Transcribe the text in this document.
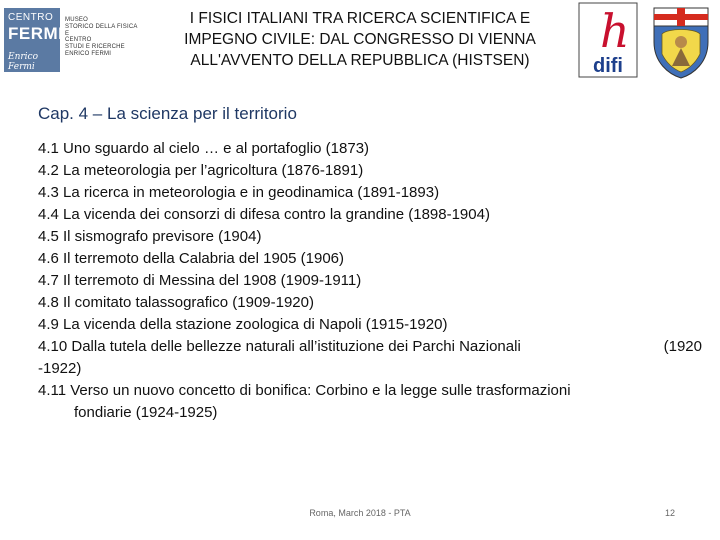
CENTRO
FERMI
Enrico Fermi
MUSEO
STORICO DELLA FISICA
E
CENTRO
STUDI E RICERCHE
ENRICO FERMI
I FISICI ITALIANI TRA RICERCA SCIENTIFICA E
IMPEGNO CIVILE: DAL CONGRESSO DI VIENNA
ALL'AVVENTO DELLA REPUBBLICA (HISTSEN)
h
difi
Cap. 4 – La scienza per il territorio
4.1 Uno sguardo al cielo … e al portafoglio (1873)
4.2 La meteorologia per l’agricoltura (1876-1891)
4.3 La ricerca in meteorologia e in geodinamica (1891-1893)
4.4 La vicenda dei consorzi di difesa contro la grandine (1898-1904)
4.5 Il sismografo previsore (1904)
4.6 Il terremoto della Calabria del 1905 (1906)
4.7 Il terremoto di Messina del 1908 (1909-1911)
4.8 Il comitato talassografico (1909-1920)
4.9 La vicenda della stazione zoologica di Napoli (1915-1920)
4.10 Dalla tutela delle bellezze naturali all’istituzione dei Parchi Nazionali	(1920
-1922)
4.11 Verso un nuovo concetto di bonifica: Corbino e la legge sulle trasformazioni
fondiarie (1924-1925)
Roma, March 2018 - PTA	12
